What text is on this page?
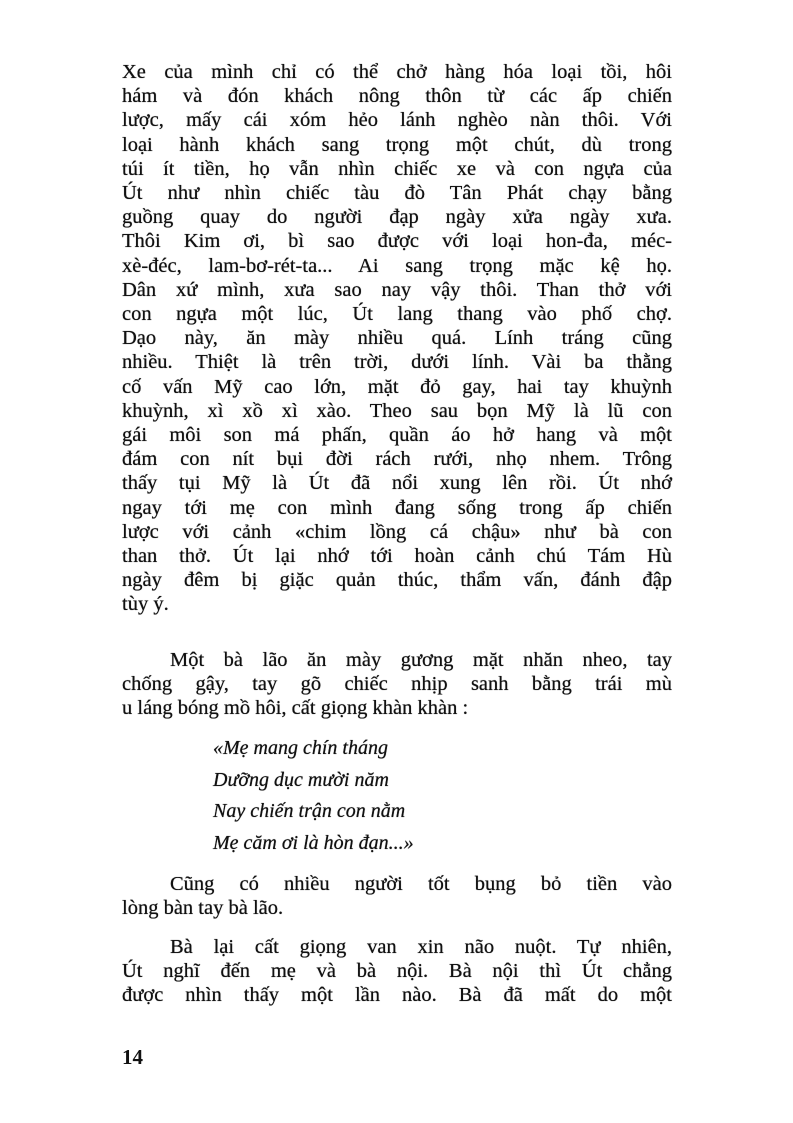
Xe của mình chỉ có thể chở hàng hóa loại tồi, hôi
hám và đón khách nông thôn từ các ấp chiến
lược, mấy cái xóm hẻo lánh nghèo nàn thôi. Với
loại hành khách sang trọng một chút, dù trong
túi ít tiền, họ vẫn nhìn chiếc xe và con ngựa của
Út như nhìn chiếc tàu đò Tân Phát chạy bằng
guồng quay do người đạp ngày xửa ngày xưa.
Thôi Kim ơi, bì sao được với loại hon-đa, méc-
xè-đéc, lam-bơ-rét-ta... Ai sang trọng mặc kệ họ.
Dân xứ mình, xưa sao nay vậy thôi. Than thở với
con ngựa một lúc, Út lang thang vào phố chợ.
Dạo này, ăn mày nhiều quá. Lính tráng cũng
nhiều. Thiệt là trên trời, dưới lính. Vài ba thằng
cố vấn Mỹ cao lớn, mặt đỏ gay, hai tay khuỳnh
khuỳnh, xì xồ xì xào. Theo sau bọn Mỹ là lũ con
gái môi son má phấn, quần áo hở hang và một
đám con nít bụi đời rách rưới, nhọ nhem. Trông
thấy tụi Mỹ là Út đã nổi xung lên rồi. Út nhớ
ngay tới mẹ con mình đang sống trong ấp chiến
lược với cảnh «chim lồng cá chậu» như bà con
than thở. Út lại nhớ tới hoàn cảnh chú Tám Hù
ngày đêm bị giặc quản thúc, thẩm vấn, đánh đập
tùy ý.
Một bà lão ăn mày gương mặt nhăn nheo, tay
chống gậy, tay gõ chiếc nhịp sanh bằng trái mù
u láng bóng mồ hôi, cất giọng khàn khàn :
«Mẹ mang chín tháng
Dưỡng dục mười năm
Nay chiến trận con nằm
Mẹ căm ơi là hòn đạn...»
Cũng có nhiều người tốt bụng bỏ tiền vào
lòng bàn tay bà lão.
Bà lại cất giọng van xin não nuột. Tự nhiên,
Út nghĩ đến mẹ và bà nội. Bà nội thì Út chẳng
được nhìn thấy một lần nào. Bà đã mất do một
14
